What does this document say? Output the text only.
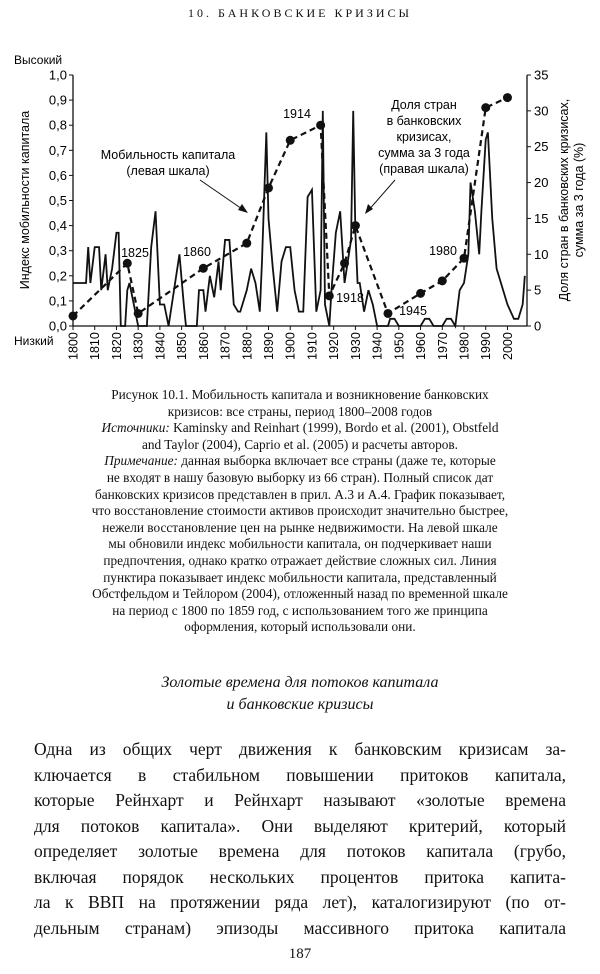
10. БАНКОВСКИЕ КРИЗИСЫ
0,0
0,1
0,2
0,3
0,4
0,5
0,6
0,7
0,8
0,9
1,0
0
5
10
15
20
25
30
35
1800 1810 1820 1830 1840 1850 1860 1870 1880 1890 1900 1910 1920 1930 1940 1950 1960 1970 1980 1990 2000
Высокий
Низкий
Индекс мобильности капитала	Доля стран в банковских кризисах, сумма за 3 года (%)
Мобильность капитала
(левая шкала)
Доля стран
в банковских
кризисах,
сумма за 3 года
(правая шкала)
1825	1860
1914
1918
1945
1980
Рисунок 10.1. Мобильность капитала и возникновение банковских
кризисов: все страны, период 1800–2008 годов
Источники: Kaminsky and Reinhart (1999), Bordo et al. (2001), Obstfeld
and Taylor (2004), Caprio et al. (2005) и расчеты авторов.
Примечание: данная выборка включает все страны (даже те, которые
не входят в нашу базовую выборку из 66 стран). Полный список дат
банковских кризисов представлен в прил. А.3 и А.4. График показывает,
что восстановление стоимости активов происходит значительно быстрее,
нежели восстановление цен на рынке недвижимости. На левой шкале
мы обновили индекс мобильности капитала, он подчеркивает наши
предпочтения, однако кратко отражает действие сложных сил. Линия
пунктира показывает индекс мобильности капитала, представленный
Обстфельдом и Тейлором (2004), отложенный назад по временной шкале
на период с 1800 по 1859 год, с использованием того же принципа
оформления, который использовали они.
Золотые времена для потоков капитала
и банковские кризисы
Одна из общих черт движения к банковским кризисам за-
ключается в стабильном повышении притоков капитала,
которые Рейнхарт и Рейнхарт называют «золотые времена
для потоков капитала». Они выделяют критерий, который
определяет золотые времена для потоков капитала (грубо,
включая порядок нескольких процентов притока капита-
ла к ВВП на протяжении ряда лет), каталогизируют (по от-
дельным странам) эпизоды массивного притока капитала
187
